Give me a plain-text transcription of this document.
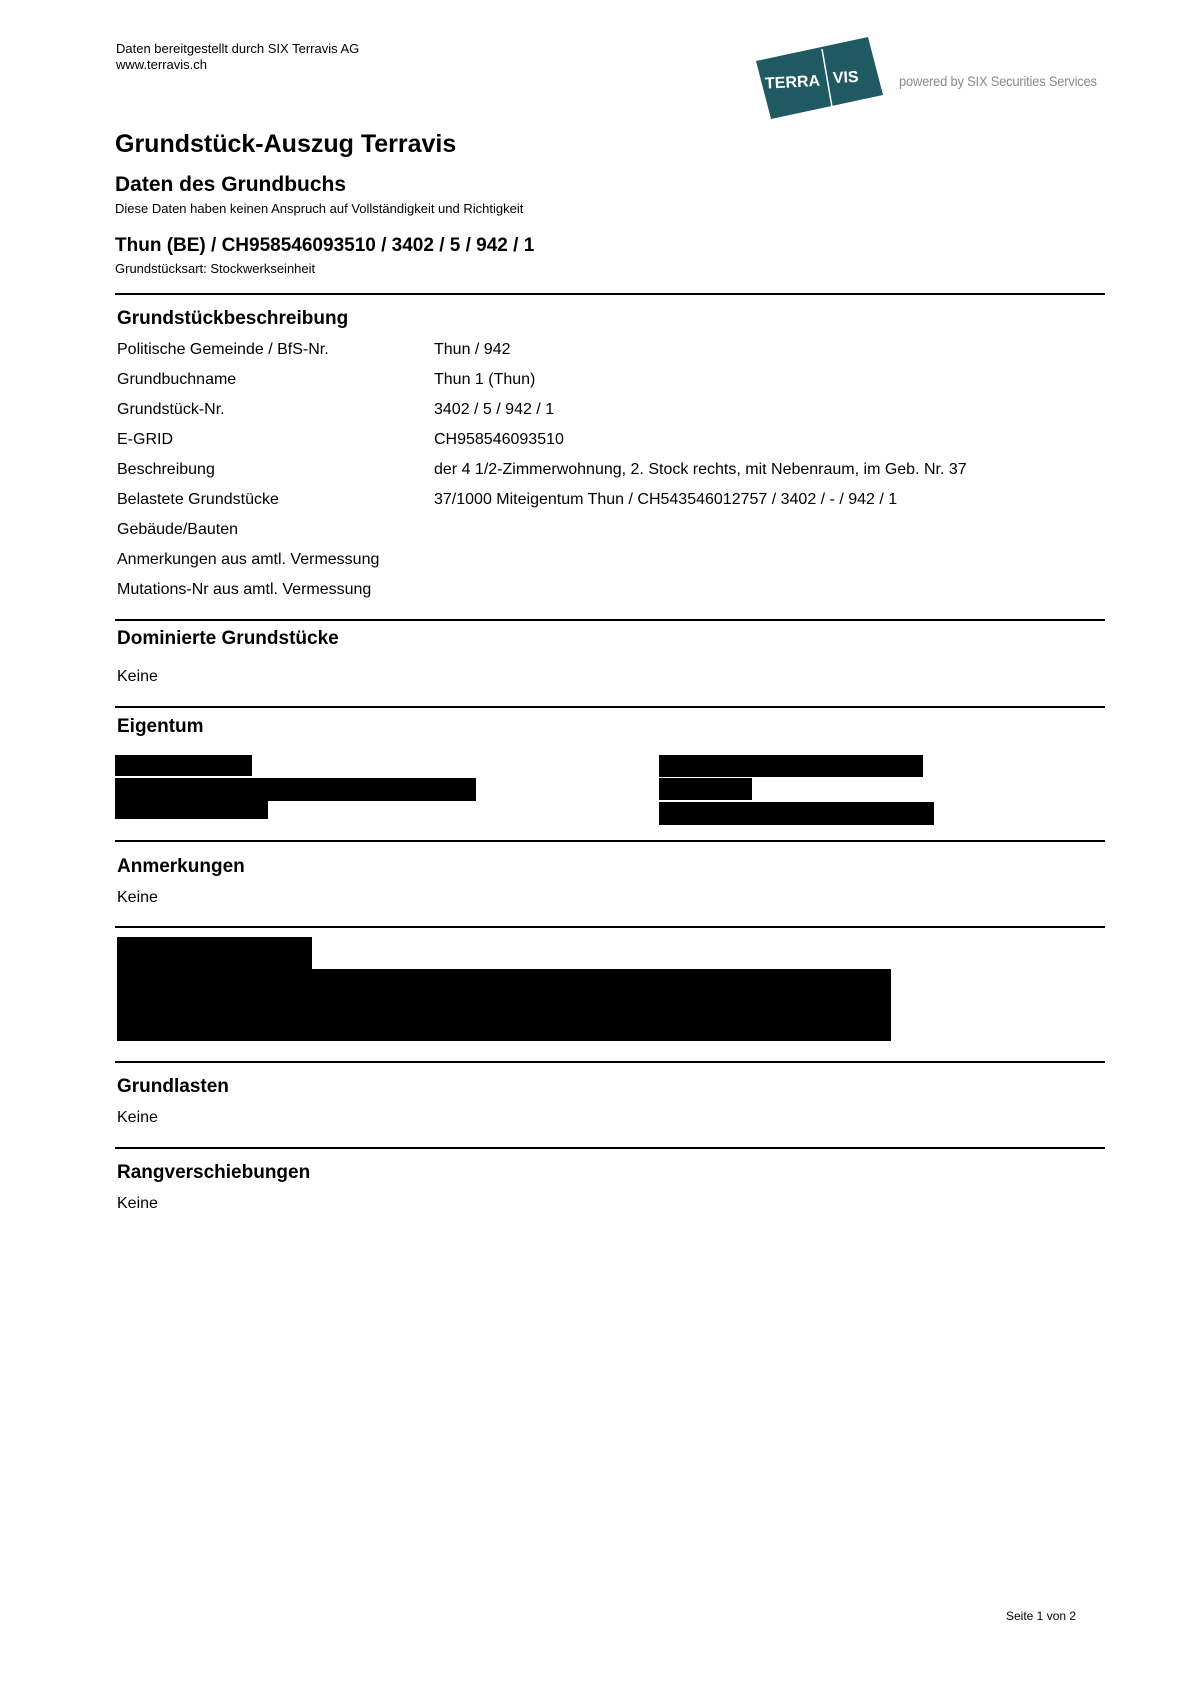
Daten bereitgestellt durch SIX Terravis AG
www.terravis.ch
TERRA VIS	powered by SIX Securities Services
Grundstück-Auszug Terravis
Daten des Grundbuchs
Diese Daten haben keinen Anspruch auf Vollständigkeit und Richtigkeit
Thun (BE) / CH958546093510 / 3402 / 5 / 942 / 1
Grundstücksart: Stockwerkseinheit
Grundstückbeschreibung
Politische Gemeinde / BfS-Nr.	Thun / 942
Grundbuchname	Thun 1 (Thun)
Grundstück-Nr.	3402 / 5 / 942 / 1
E-GRID	CH958546093510
Beschreibung	der 4 1/2-Zimmerwohnung, 2. Stock rechts, mit Nebenraum, im Geb. Nr. 37
Belastete Grundstücke	37/1000 Miteigentum Thun / CH543546012757 / 3402 / - / 942 / 1
Gebäude/Bauten
Anmerkungen aus amtl. Vermessung
Mutations-Nr aus amtl. Vermessung
Dominierte Grundstücke
Keine
Eigentum
Anmerkungen
Keine
Grundlasten
Keine
Rangverschiebungen
Keine
Seite 1 von 2
